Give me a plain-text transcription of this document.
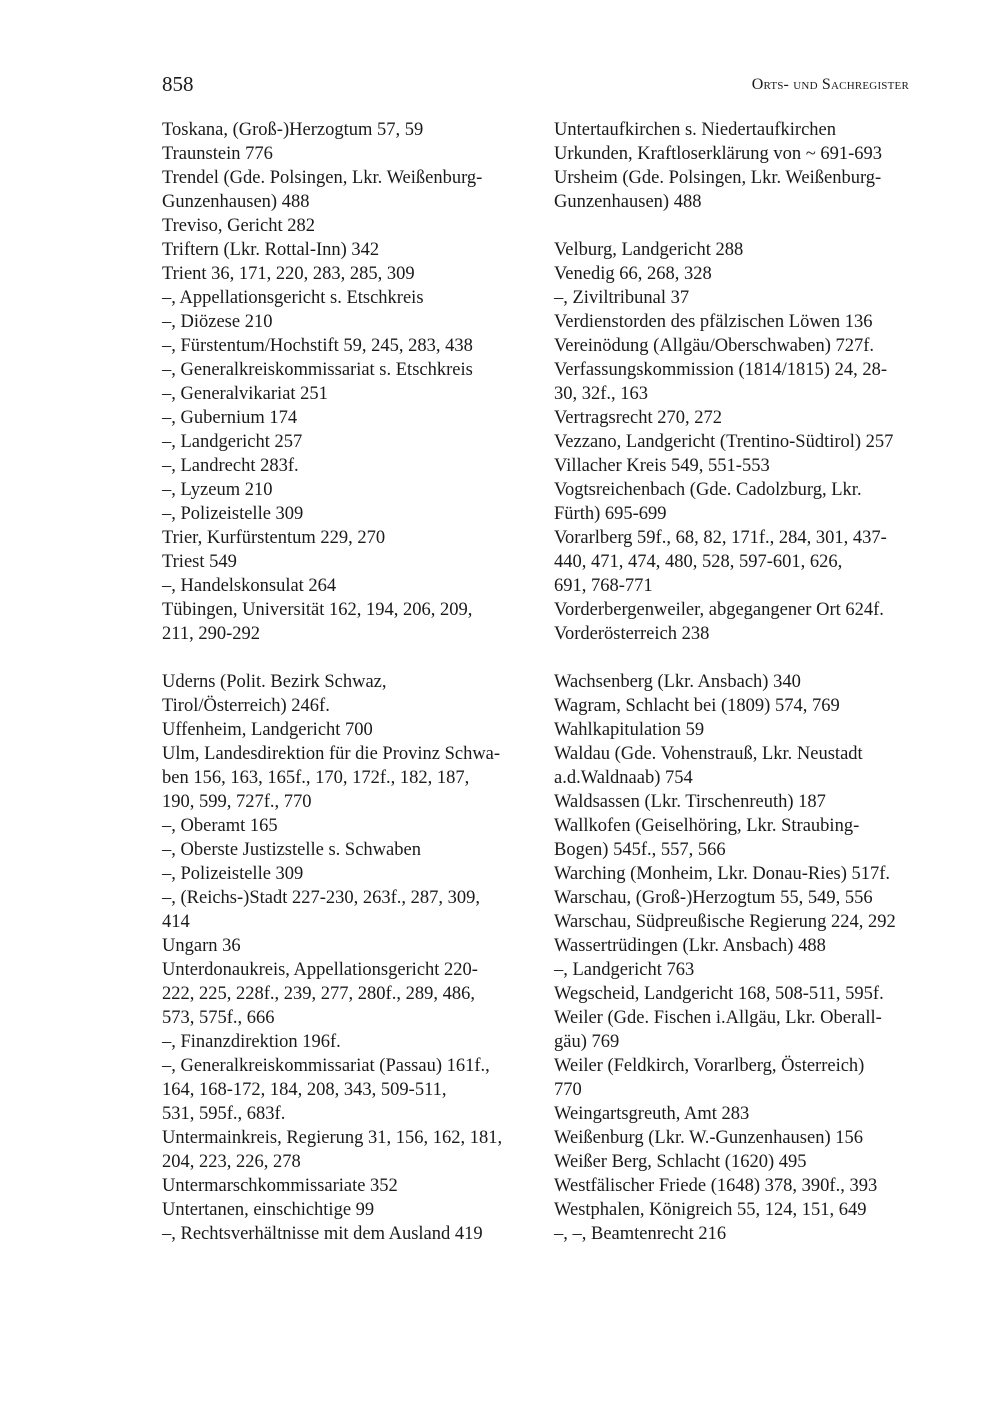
858	Orts- und Sachregister
Toskana, (Groß-)Herzogtum 57, 59
Traunstein 776
Trendel (Gde. Polsingen, Lkr. Weißenburg-
Gunzenhausen) 488
Treviso, Gericht 282
Triftern (Lkr. Rottal-Inn) 342
Trient 36, 171, 220, 283, 285, 309
–, Appellationsgericht s. Etschkreis
–, Diözese 210
–, Fürstentum/Hochstift 59, 245, 283, 438
–, Generalkreiskommissariat s. Etschkreis
–, Generalvikariat 251
–, Gubernium 174
–, Landgericht 257
–, Landrecht 283f.
–, Lyzeum 210
–, Polizeistelle 309
Trier, Kurfürstentum 229, 270
Triest 549
–, Handelskonsulat 264
Tübingen, Universität 162, 194, 206, 209,
211, 290-292
Uderns (Polit. Bezirk Schwaz,
Tirol/Österreich) 246f.
Uffenheim, Landgericht 700
Ulm, Landesdirektion für die Provinz Schwa-
ben 156, 163, 165f., 170, 172f., 182, 187,
190, 599, 727f., 770
–, Oberamt 165
–, Oberste Justizstelle s. Schwaben
–, Polizeistelle 309
–, (Reichs-)Stadt 227-230, 263f., 287, 309,
414
Ungarn 36
Unterdonaukreis, Appellationsgericht 220-
222, 225, 228f., 239, 277, 280f., 289, 486,
573, 575f., 666
–, Finanzdirektion 196f.
–, Generalkreiskommissariat (Passau) 161f.,
164, 168-172, 184, 208, 343, 509-511,
531, 595f., 683f.
Untermainkreis, Regierung 31, 156, 162, 181,
204, 223, 226, 278
Untermarschkommissariate 352
Untertanen, einschichtige 99
–, Rechtsverhältnisse mit dem Ausland 419
Untertaufkirchen s. Niedertaufkirchen
Urkunden, Kraftloserklärung von ~ 691-693
Ursheim (Gde. Polsingen, Lkr. Weißenburg-
Gunzenhausen) 488
Velburg, Landgericht 288
Venedig 66, 268, 328
–, Ziviltribunal 37
Verdienstorden des pfälzischen Löwen 136
Vereinödung (Allgäu/Oberschwaben) 727f.
Verfassungskommission (1814/1815) 24, 28-
30, 32f., 163
Vertragsrecht 270, 272
Vezzano, Landgericht (Trentino-Südtirol) 257
Villacher Kreis 549, 551-553
Vogtsreichenbach (Gde. Cadolzburg, Lkr.
Fürth) 695-699
Vorarlberg 59f., 68, 82, 171f., 284, 301, 437-
440, 471, 474, 480, 528, 597-601, 626,
691, 768-771
Vorderbergenweiler, abgegangener Ort 624f.
Vorderösterreich 238
Wachsenberg (Lkr. Ansbach) 340
Wagram, Schlacht bei (1809) 574, 769
Wahlkapitulation 59
Waldau (Gde. Vohenstrauß, Lkr. Neustadt
a.d.Waldnaab) 754
Waldsassen (Lkr. Tirschenreuth) 187
Wallkofen (Geiselhöring, Lkr. Straubing-
Bogen) 545f., 557, 566
Warching (Monheim, Lkr. Donau-Ries) 517f.
Warschau, (Groß-)Herzogtum 55, 549, 556
Warschau, Südpreußische Regierung 224, 292
Wassertrüdingen (Lkr. Ansbach) 488
–, Landgericht 763
Wegscheid, Landgericht 168, 508-511, 595f.
Weiler (Gde. Fischen i.Allgäu, Lkr. Oberall-
gäu) 769
Weiler (Feldkirch, Vorarlberg, Österreich)
770
Weingartsgreuth, Amt 283
Weißenburg (Lkr. W.-Gunzenhausen) 156
Weißer Berg, Schlacht (1620) 495
Westfälischer Friede (1648) 378, 390f., 393
Westphalen, Königreich 55, 124, 151, 649
–, –, Beamtenrecht 216
